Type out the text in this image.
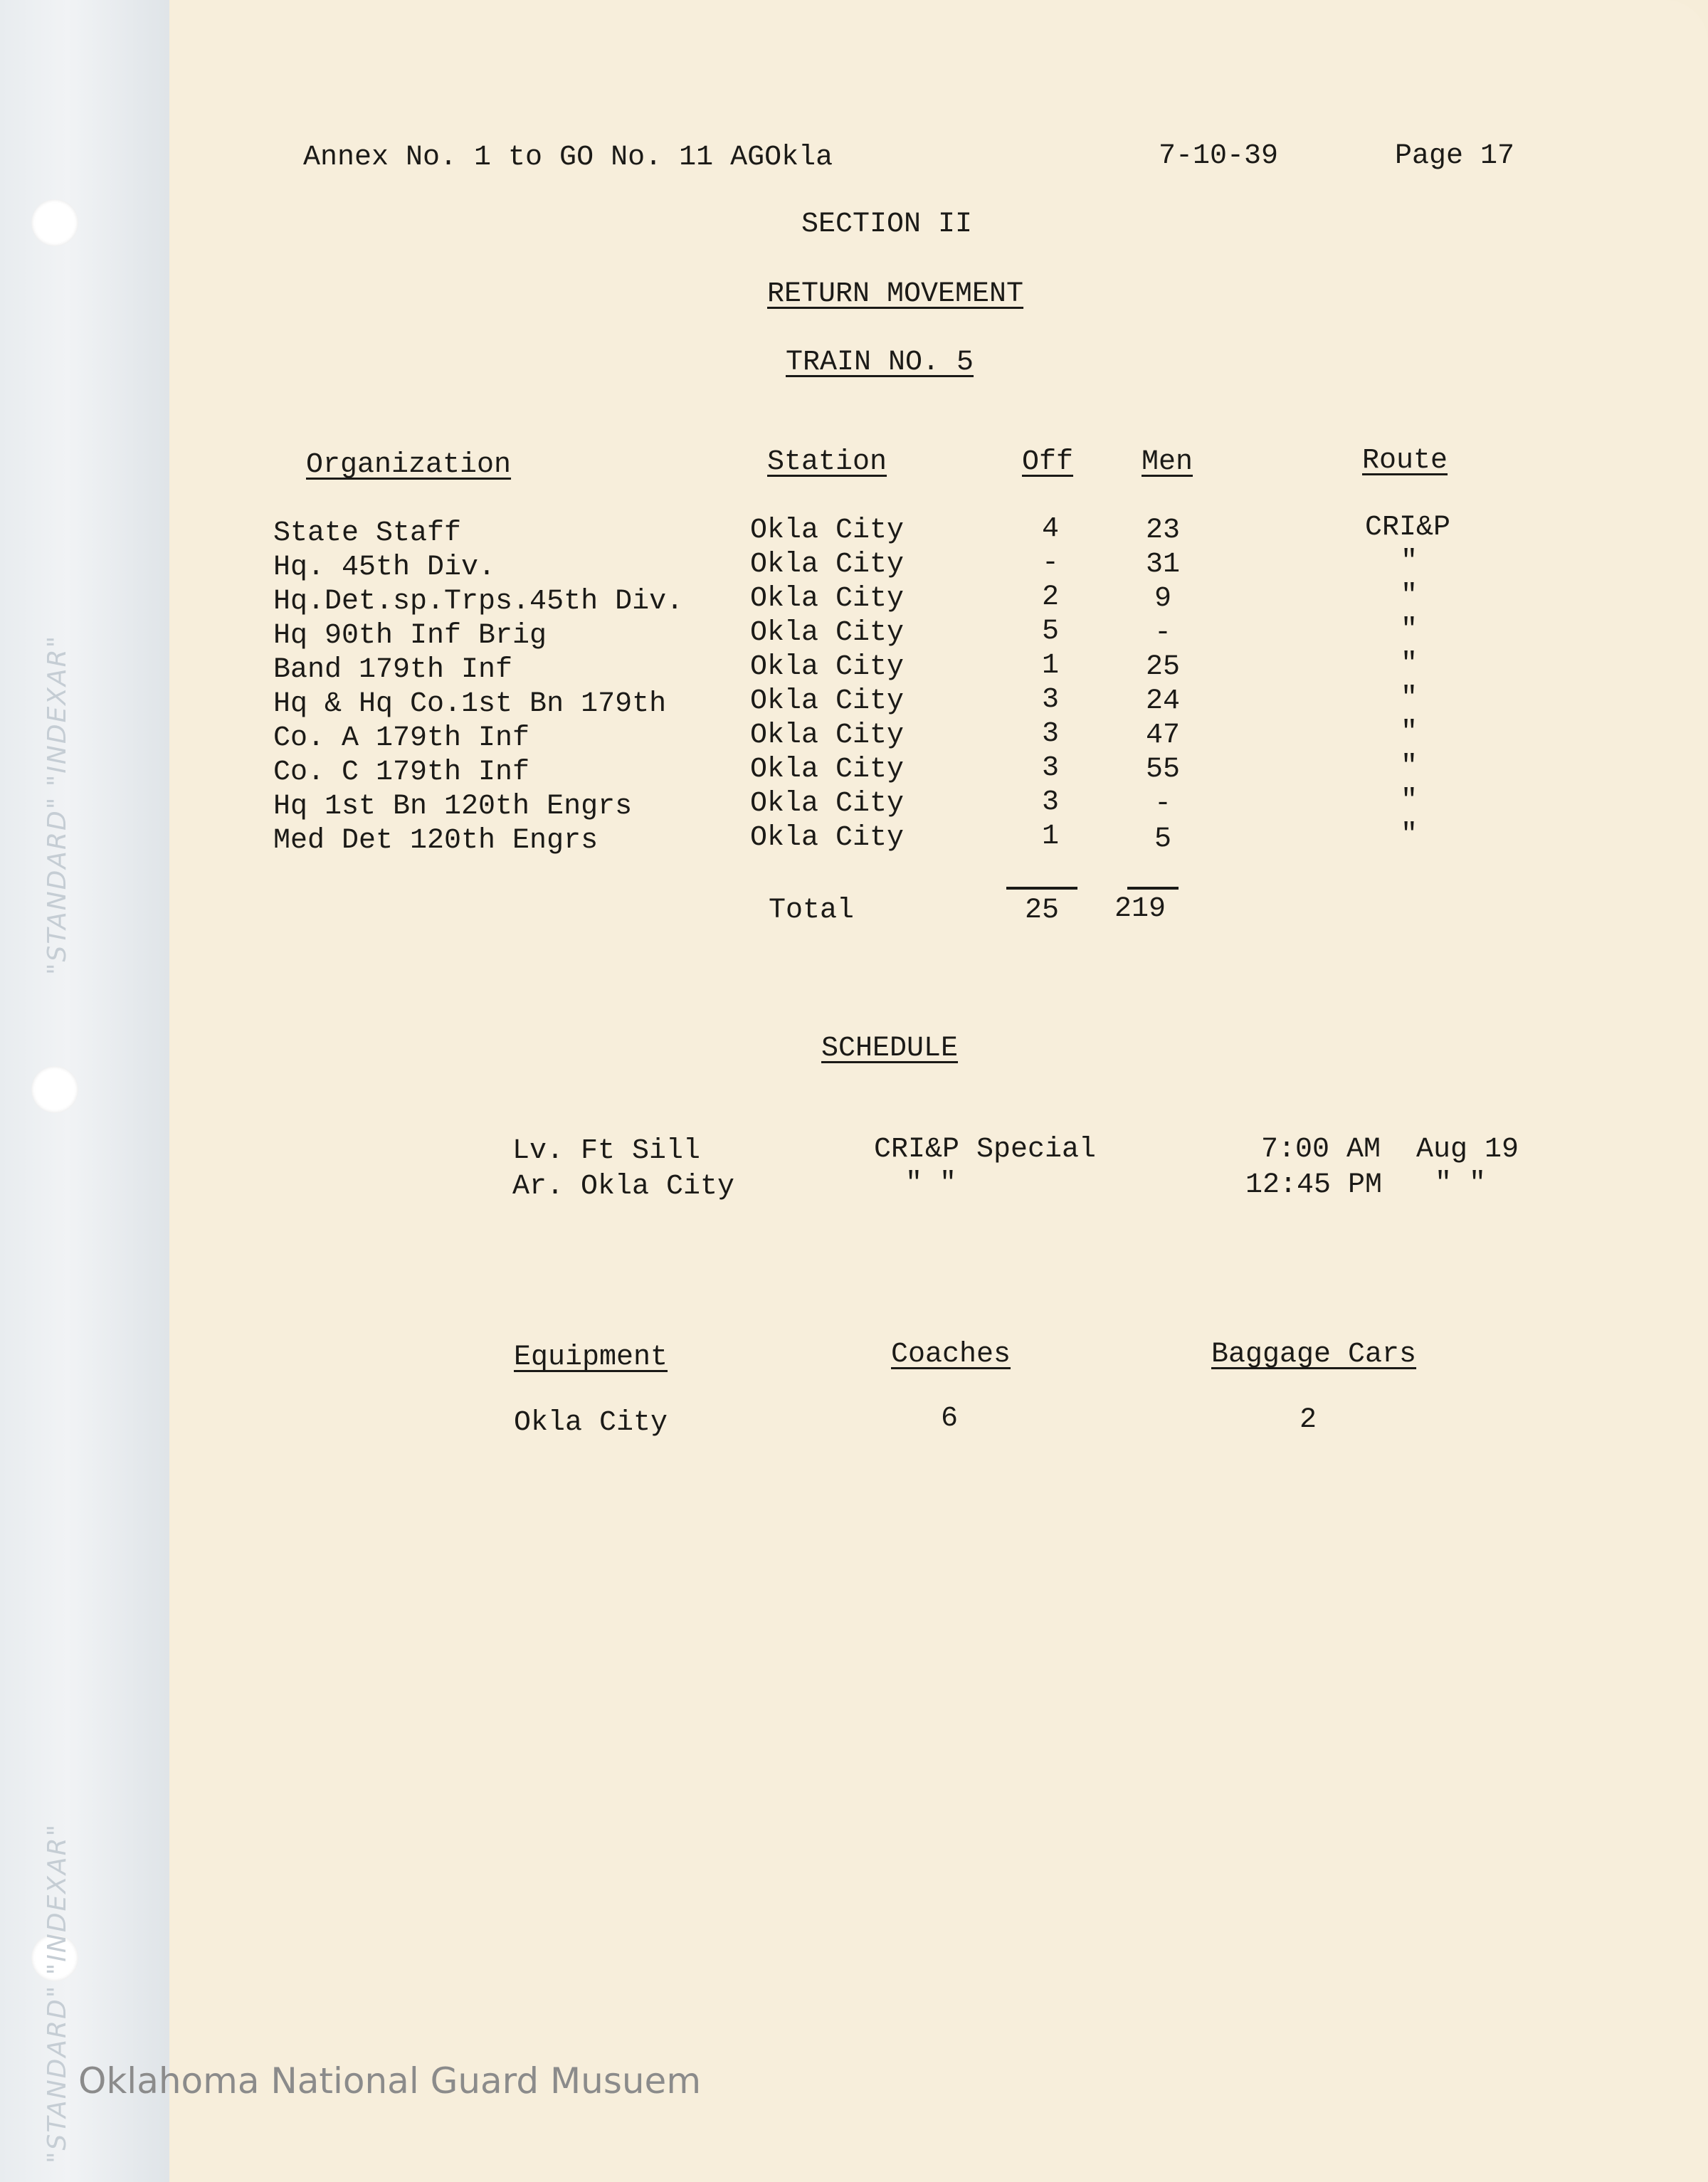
"STANDARD" "INDEXAR"
"STANDARD" "INDEXAR"
Annex No. 1 to GO No. 11 AGOkla	7-10-39	Page 17
SECTION II
RETURN MOVEMENT
TRAIN NO. 5
Organization	Station	Off Men	Route
State Staff	Okla City	4	23	CRI&P
Hq. 45th Div.	Okla City	-	31	"
Hq.Det.sp.Trps.45th Div. Okla City	2	9	"
Hq 90th Inf Brig	Okla City	5	-	"
Band 179th Inf	Okla City	1	25	"
Hq & Hq Co.1st Bn 179th	Okla City	3	24	"
Co. A 179th Inf	Okla City	3	47	"
Co. C 179th Inf	Okla City	3	55	"
Hq 1st Bn 120th Engrs	Okla City	3	-	"
Med Det 120th Engrs	Okla City	1	5	"
Total	25	219
SCHEDULE
Lv. Ft Sill	CRI&P Special	7:00 AM Aug 19
Ar. Okla City	" "	12:45 PM " "
Equipment	Coaches	Baggage Cars
Okla City	6	2
Oklahoma National Guard Musuem
